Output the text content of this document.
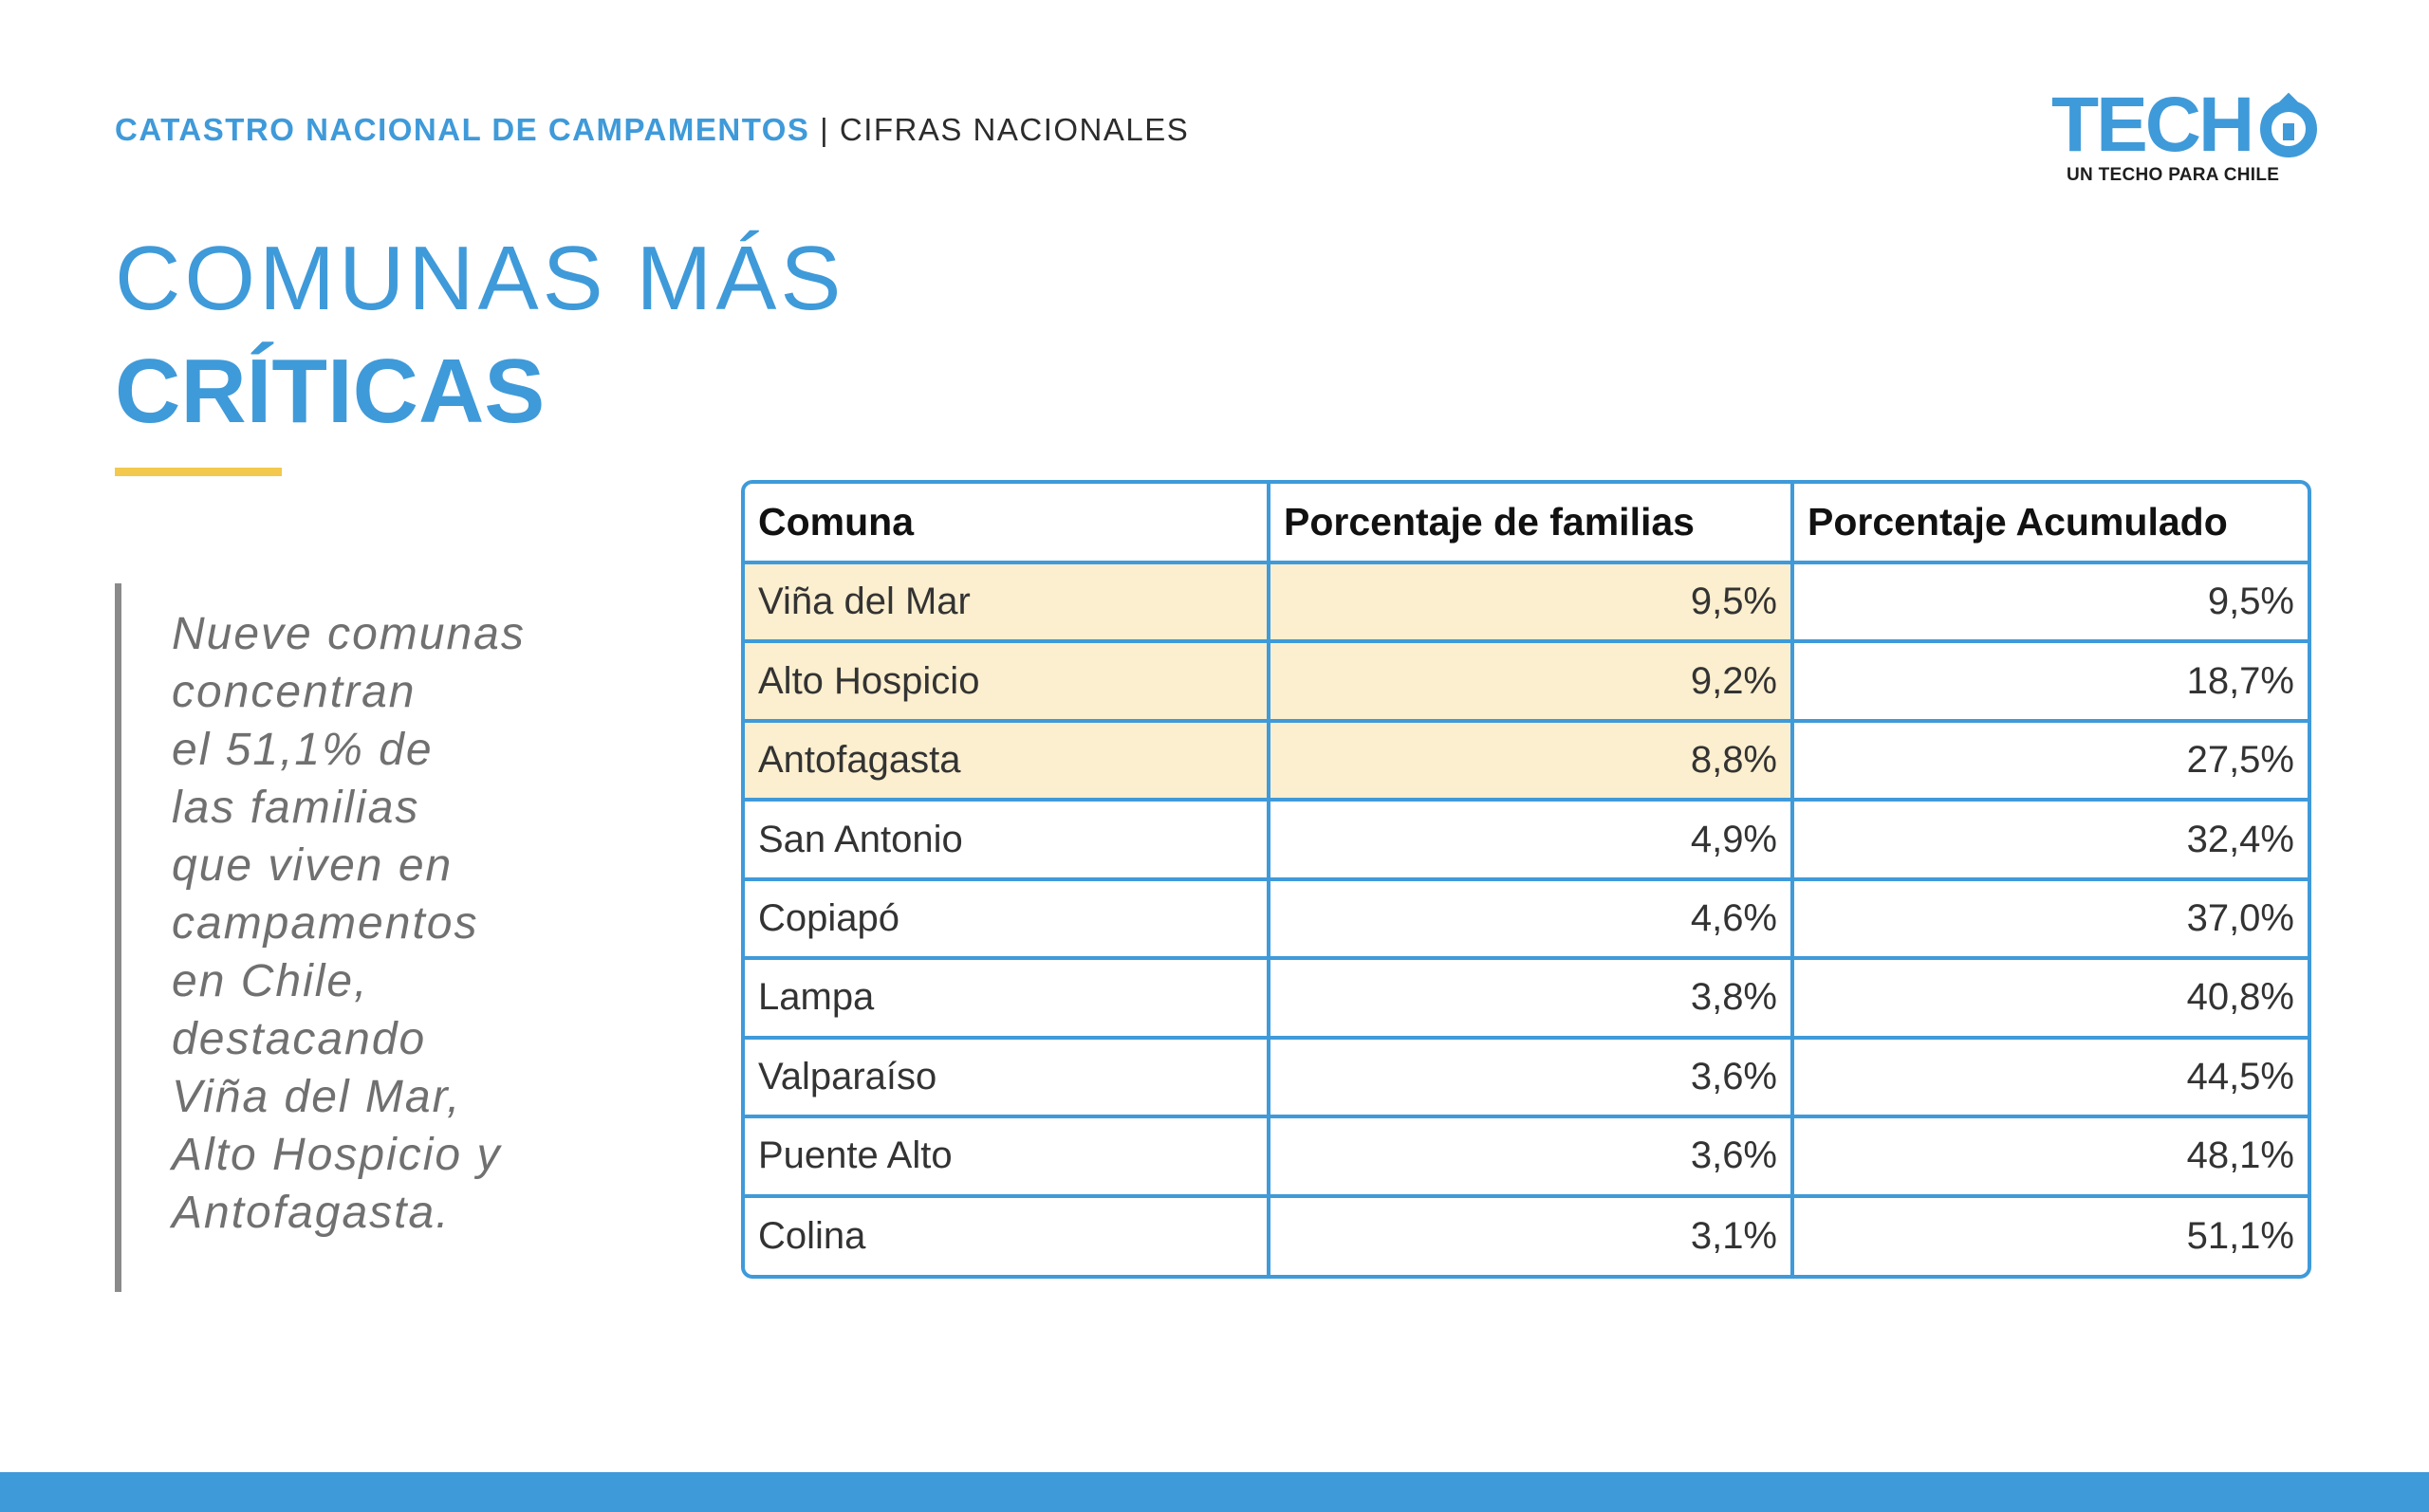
CATASTRO NACIONAL DE CAMPAMENTOS | CIFRAS NACIONALES	TECH
UN TECHO PARA CHILE
COMUNAS MÁS
CRÍTICAS
Nueve comunas
concentran
el 51,1% de
las familias
que viven en
campamentos
en Chile,
destacando
Viña del Mar,
Alto Hospicio y
Antofagasta.
Comuna	Porcentaje de familias	Porcentaje Acumulado
Viña del Mar	9,5%	9,5%
Alto Hospicio	9,2%	18,7%
Antofagasta	8,8%	27,5%
San Antonio	4,9%	32,4%
Copiapó	4,6%	37,0%
Lampa	3,8%	40,8%
Valparaíso	3,6%	44,5%
Puente Alto	3,6%	48,1%
Colina	3,1%	51,1%
